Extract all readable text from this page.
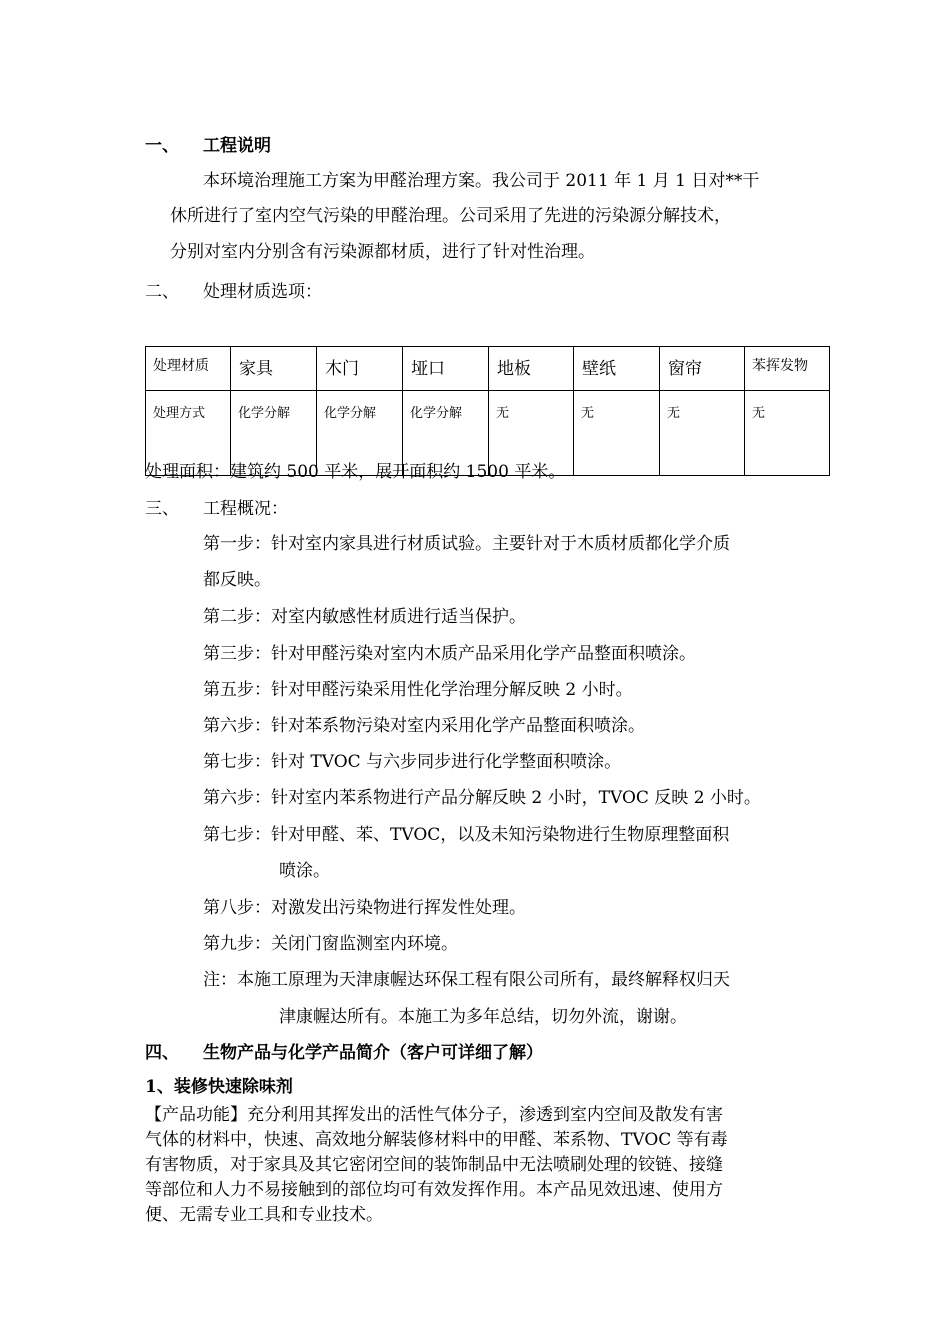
一、 工程说明
本环境治理施工方案为甲醛治理方案。我公司于 2011 年 1 月 1 日对**干
休所进行了室内空气污染的甲醛治理。公司采用了先进的污染源分解技术，
分别对室内分别含有污染源都材质，进行了针对性治理。
二、 处理材质选项：
处理材质	家具	木门	垭口	地板	壁纸	窗帘	苯挥发物
处理方式	化学分解	化学分解	化学分解	无	无	无	无
处理面积：建筑约 500 平米，展开面积约 1500 平米。
三、 工程概况：
第一步：针对室内家具进行材质试验。主要针对于木质材质都化学介质
都反映。
第二步：对室内敏感性材质进行适当保护。
第三步：针对甲醛污染对室内木质产品采用化学产品整面积喷涂。
第五步：针对甲醛污染采用性化学治理分解反映 2 小时。
第六步：针对苯系物污染对室内采用化学产品整面积喷涂。
第七步：针对 TVOC 与六步同步进行化学整面积喷涂。
第六步：针对室内苯系物进行产品分解反映 2 小时，TVOC 反映 2 小时。
第七步：针对甲醛、苯、TVOC，以及未知污染物进行生物原理整面积
喷涂。
第八步：对激发出污染物进行挥发性处理。
第九步：关闭门窗监测室内环境。
注：本施工原理为天津康幄达环保工程有限公司所有，最终解释权归天
津康幄达所有。本施工为多年总结，切勿外流，谢谢。
四、 生物产品与化学产品简介（客户可详细了解）
1、装修快速除味剂
【产品功能】充分利用其挥发出的活性气体分子，渗透到室内空间及散发有害
气体的材料中，快速、高效地分解装修材料中的甲醛、苯系物、TVOC 等有毒
有害物质，对于家具及其它密闭空间的装饰制品中无法喷刷处理的铰链、接缝
等部位和人力不易接触到的部位均可有效发挥作用。本产品见效迅速、使用方
便、无需专业工具和专业技术。
